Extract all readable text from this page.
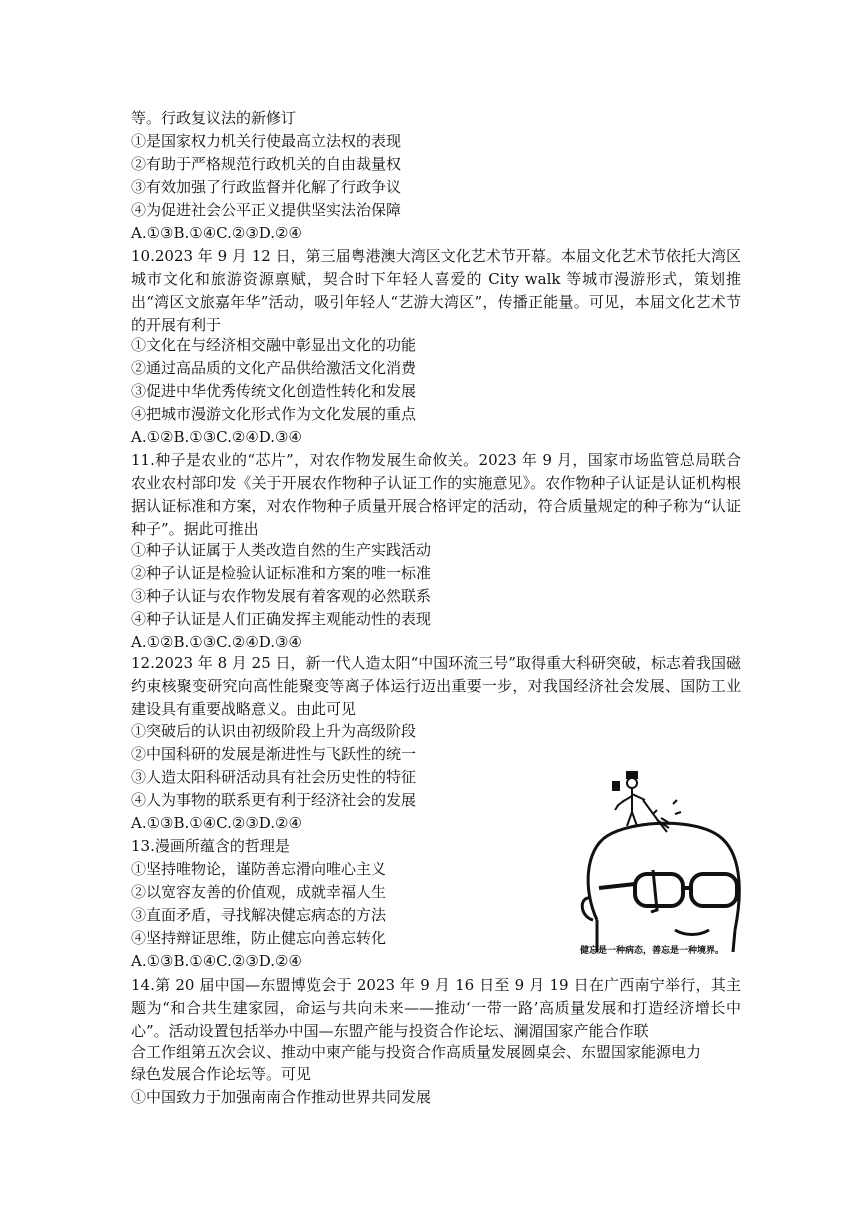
等。行政复议法的新修订
①是国家权力机关行使最高立法权的表现
②有助于严格规范行政机关的自由裁量权
③有效加强了行政监督并化解了行政争议
④为促进社会公平正义提供坚实法治保障
A.①③B.①④C.②③D.②④
10.2023 年 9 月 12 日，第三届粤港澳大湾区文化艺术节开幕。本届文化艺术节依托大湾区城市文化和旅游资源禀赋，契合时下年轻人喜爱的 City walk 等城市漫游形式，策划推出“湾区文旅嘉年华”活动，吸引年轻人“艺游大湾区”，传播正能量。可见，本届文化艺术节的开展有利于
①文化在与经济相交融中彰显出文化的功能
②通过高品质的文化产品供给激活文化消费
③促进中华优秀传统文化创造性转化和发展
④把城市漫游文化形式作为文化发展的重点
A.①②B.①③C.②④D.③④
11.种子是农业的“芯片”，对农作物发展生命攸关。2023 年 9 月，国家市场监管总局联合农业农村部印发《关于开展农作物种子认证工作的实施意见》。农作物种子认证是认证机构根据认证标准和方案，对农作物种子质量开展合格评定的活动，符合质量规定的种子称为“认证种子”。据此可推出
①种子认证属于人类改造自然的生产实践活动
②种子认证是检验认证标准和方案的唯一标准
③种子认证与农作物发展有着客观的必然联系
④种子认证是人们正确发挥主观能动性的表现
A.①②B.①③C.②④D.③④
12.2023 年 8 月 25 日，新一代人造太阳“中国环流三号”取得重大科研突破，标志着我国磁约束核聚变研究向高性能聚变等离子体运行迈出重要一步，对我国经济社会发展、国防工业建设具有重要战略意义。由此可见
①突破后的认识由初级阶段上升为高级阶段
②中国科研的发展是渐进性与飞跃性的统一
③人造太阳科研活动具有社会历史性的特征
④人为事物的联系更有利于经济社会的发展
A.①③B.①④C.②③D.②④
13.漫画所蕴含的哲理是
①坚持唯物论，谨防善忘滑向唯心主义
②以宽容友善的价值观，成就幸福人生
③直面矛盾，寻找解决健忘病态的方法
④坚持辩证思维，防止健忘向善忘转化
A.①③B.①④C.②③D.②④
14.第 20 届中国—东盟博览会于 2023 年 9 月 16 日至 9 月 19 日在广西南宁举行，其主题为“和合共生建家园，命运与共向未来——推动‘一带一路’高质量发展和打造经济增长中心”。活动设置包括举办中国—东盟产能与投资合作论坛、澜湄国家产能合作联
合工作组第五次会议、推动中柬产能与投资合作高质量发展圆桌会、东盟国家能源电力
绿色发展合作论坛等。可见
①中国致力于加强南南合作推动世界共同发展
健忘是一种病态，善忘是一种境界。
